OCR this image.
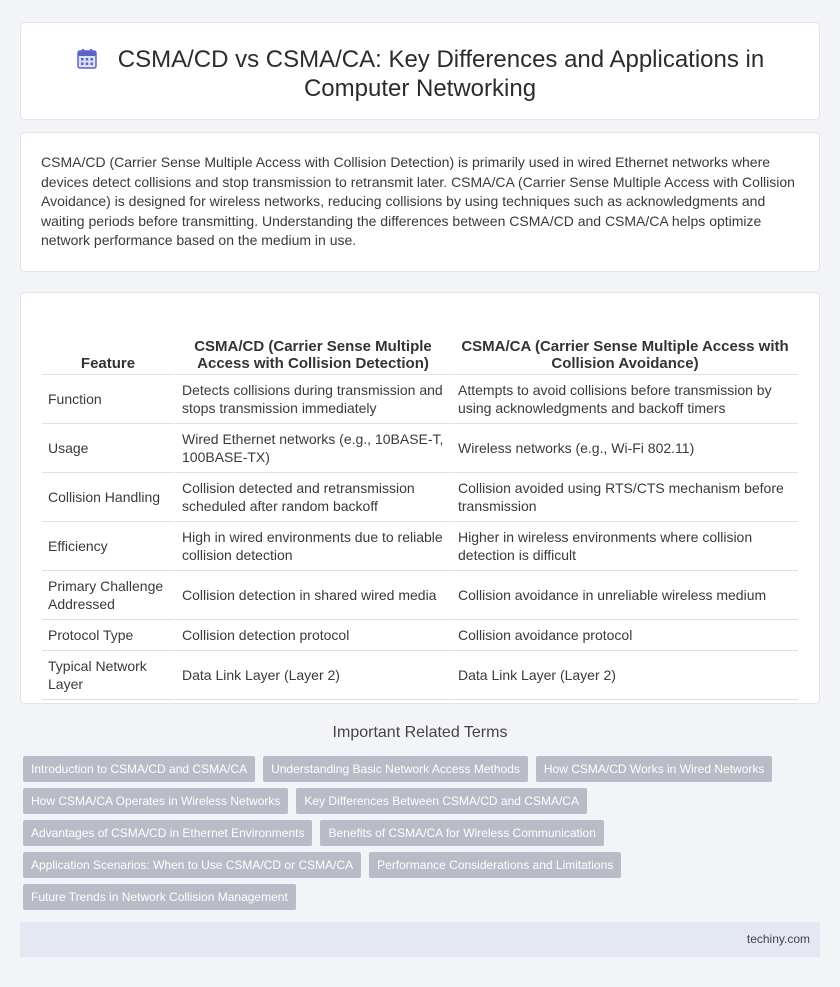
CSMA/CD vs CSMA/CA: Key Differences and Applications in Computer Networking

CSMA/CD (Carrier Sense Multiple Access with Collision Detection) is primarily used in wired Ethernet networks where devices detect collisions and stop transmission to retransmit later. CSMA/CA (Carrier Sense Multiple Access with Collision Avoidance) is designed for wireless networks, reducing collisions by using techniques such as acknowledgments and waiting periods before transmitting. Understanding the differences between CSMA/CD and CSMA/CA helps optimize network performance based on the medium in use.

Feature	CSMA/CD (Carrier Sense Multiple Access with Collision Detection)	CSMA/CA (Carrier Sense Multiple Access with Collision Avoidance)
Function	Detects collisions during transmission and stops transmission immediately	Attempts to avoid collisions before transmission by using acknowledgments and backoff timers
Usage	Wired Ethernet networks (e.g., 10BASE-T, 100BASE-TX)	Wireless networks (e.g., Wi-Fi 802.11)
Collision Handling	Collision detected and retransmission scheduled after random backoff	Collision avoided using RTS/CTS mechanism before transmission
Efficiency	High in wired environments due to reliable collision detection	Higher in wireless environments where collision detection is difficult
Primary Challenge Addressed	Collision detection in shared wired media	Collision avoidance in unreliable wireless medium
Protocol Type	Collision detection protocol	Collision avoidance protocol
Typical Network Layer	Data Link Layer (Layer 2)	Data Link Layer (Layer 2)
Important Related Terms
Introduction to CSMA/CD and CSMA/CA	Understanding Basic Network Access Methods	How CSMA/CD Works in Wired Networks
How CSMA/CA Operates in Wireless Networks	Key Differences Between CSMA/CD and CSMA/CA
Advantages of CSMA/CD in Ethernet Environments	Benefits of CSMA/CA for Wireless Communication
Application Scenarios: When to Use CSMA/CD or CSMA/CA	Performance Considerations and Limitations
Future Trends in Network Collision Management
techiny.com
